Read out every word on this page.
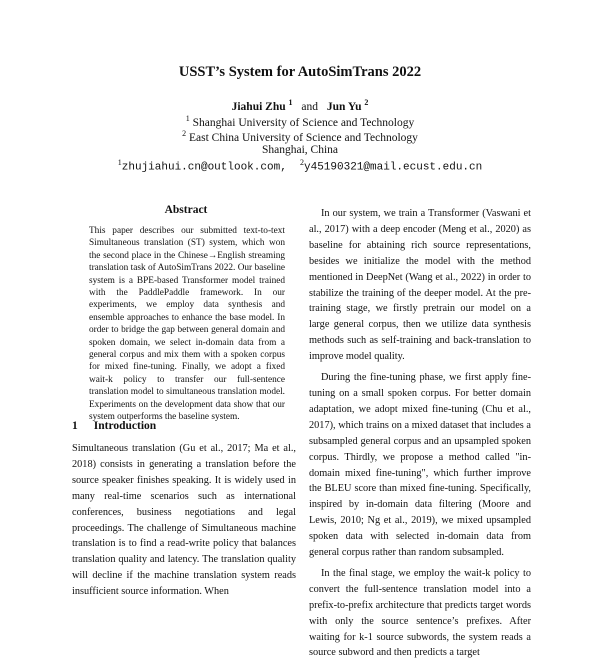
USST’s System for AutoSimTrans 2022
Jiahui Zhu $^1$ and Jun Yu $^2$
$^1$ Shanghai University of Science and Technology
$^2$ East China University of Science and Technology
Shanghai, China
$^1$zhujiahui.cn@outlook.com, $^2$y45190321@mail.ecust.edu.cn
Abstract
This paper describes our submitted text-to-text Simultaneous translation (ST) system, which won the second place in the Chinese→English streaming translation task of AutoSimTrans 2022. Our baseline system is a BPE-based Transformer model trained with the PaddlePaddle framework. In our experiments, we employ data synthesis and ensemble approaches to enhance the base model. In order to bridge the gap between general domain and spoken domain, we select in-domain data from a general corpus and mix them with a spoken corpus for mixed fine-tuning. Finally, we adopt a fixed wait-k policy to transfer our full-sentence translation model to simultaneous translation model. Experiments on the development data show that our system outperforms the baseline system.
1 Introduction

Simultaneous translation (Gu et al., 2017; Ma et al., 2018) consists in generating a translation before the source speaker finishes speaking. It is widely used in many real-time scenarios such as international conferences, business negotiations and legal proceedings. The challenge of Simultaneous machine translation is to find a read-write policy that balances translation quality and latency. The translation quality will decline if the machine translation system reads insufficient source information. When

In our system, we train a Transformer (Vaswani et al., 2017) with a deep encoder (Meng et al., 2020) as baseline for abtaining rich source representations, besides we initialize the model with the method mentioned in DeepNet (Wang et al., 2022) in order to stabilize the training of the deeper model. At the pre-training stage, we firstly pretrain our model on a large general corpus, then we utilize data synthesis methods such as self-training and back-translation to improve model quality.

During the fine-tuning phase, we first apply fine-tuning on a small spoken corpus. For better domain adaptation, we adopt mixed fine-tuning (Chu et al., 2017), which trains on a mixed dataset that includes a subsampled general corpus and an upsampled spoken corpus. Thirdly, we propose a method called "in-domain mixed fine-tuning", which further improve the BLEU score than mixed fine-tuning. Specifically, inspired by in-domain data filtering (Moore and Lewis, 2010; Ng et al., 2019), we mixed upsampled spoken data with selected in-domain data from general corpus rather than random subsampled.

In the final stage, we employ the wait-k policy to convert the full-sentence translation model into a prefix-to-prefix architecture that predicts target words with only the source sentence’s prefixes. After waiting for k-1 source subwords, the system reads a source subword and then predicts a target
